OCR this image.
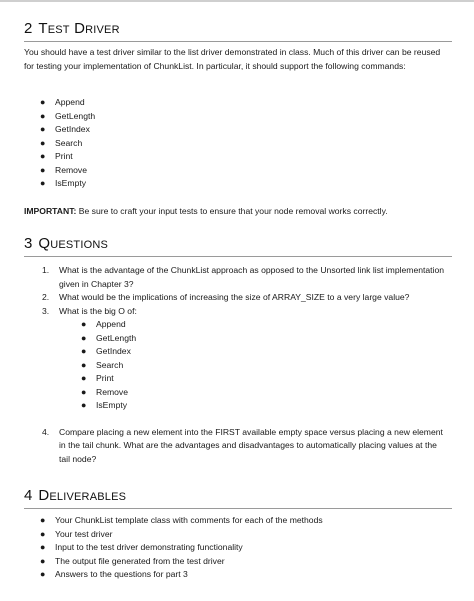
2 Test Driver

You should have a test driver similar to the list driver demonstrated in class. Much of this driver can be reused for testing your implementation of ChunkList. In particular, it should support the following commands:

● Append
● GetLength
● GetIndex
● Search
● Print
● Remove
● IsEmpty

IMPORTANT: Be sure to craft your input tests to ensure that your node removal works correctly.

3 Questions
1. What is the advantage of the ChunkList approach as opposed to the Unsorted link list implementation given in Chapter 3?
2. What would be the implications of increasing the size of ARRAY_SIZE to a very large value?
3. What is the big O of:
● Append
● GetLength
● GetIndex
● Search
● Print
● Remove
● IsEmpty
4. Compare placing a new element into the FIRST available empty space versus placing a new element in the tail chunk. What are the advantages and disadvantages to automatically placing values at the tail node?
4 Deliverables
● Your ChunkList template class with comments for each of the methods
● Your test driver
● Input to the test driver demonstrating functionality
● The output file generated from the test driver
● Answers to the questions for part 3
